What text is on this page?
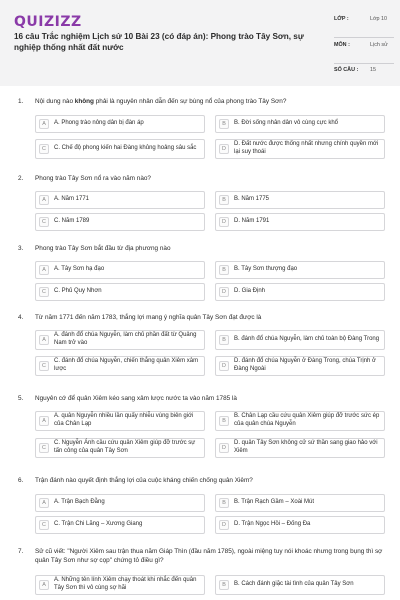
QUIZIZZ
16 câu Trắc nghiệm Lịch sử 10 Bài 23 (có đáp án): Phong trào Tây Sơn, sự nghiệp thống nhất đất nước
LỚP :	Lớp 10
MÔN :	Lịch sử
SỐ CÂU : 15
1.	Nội dung nào không phải là nguyên nhân dẫn đến sự bùng nổ của phong trào Tây Sơn?
A	A. Phong trào nông dân bị đàn áp	B	B. Đời sống nhân dân vô cùng cực khổ
C	C. Chế độ phong kiến hai Đàng khủng hoảng sâu sắc	D
D. Đất nước được thống nhất nhưng chính quyền mới lại suy thoái
2.	Phong trào Tây Sơn nổ ra vào năm nào?
A	A. Năm 1771	B	B. Năm 1775
C	C. Năm 1789	D	D. Năm 1791
3.	Phong trào Tây Sơn bắt đầu từ địa phương nào
A	A. Tây Sơn hạ đạo	B	B. Tây Sơn thượng đạo
C	C. Phủ Quy Nhơn	D	D. Gia Định
4.	Từ năm 1771 đến năm 1783, thắng lợi mang ý nghĩa quân Tây Sơn đạt được là
A
A. đánh đổ chúa Nguyễn, làm chủ phần đất từ Quảng Nam trở vào	B	B. đánh đổ chúa Nguyễn, làm chủ toàn bộ Đàng Trong
C
C. đánh đổ chúa Nguyễn, chiến thắng quân Xiêm xâm lược	D
D. đánh đổ chúa Nguyễn ở Đàng Trong, chúa Trịnh ở Đàng Ngoài
5.	Nguyên cớ để quân Xiêm kéo sang xâm lược nước ta vào năm 1785 là
A
A. quân Nguyễn nhiều lần quấy nhiễu vùng biên giới của Chân Lạp	B
B. Chân Lạp cầu cứu quân Xiêm giúp đỡ trước sức ép của quân chúa Nguyễn
C
C. Nguyễn Ánh cầu cứu quân Xiêm giúp đỡ trước sự tấn công của quân Tây Sơn	D
D. quân Tây Sơn không cử sứ thần sang giao hảo với Xiêm
6.	Trận đánh nào quyết định thắng lợi của cuộc kháng chiến chống quân Xiêm?
A	A. Trận Bạch Đằng	B	B. Trận Rạch Gầm – Xoài Mút
C	C. Trận Chi Lăng – Xương Giang	D	D. Trận Ngọc Hồi – Đống Đa
7.	Sử cũ viết: "Người Xiêm sau trận thua năm Giáp Thìn (đầu năm 1785), ngoài miệng tuy nói khoác nhưng trong bụng thì sợ quân Tây Sơn như sợ cọp" chứng tỏ điều gì?
A
A. Những tên lính Xiêm chạy thoát khi nhắc đến quân Tây Sơn thì vô cùng sợ hãi	B	B. Cách đánh giặc tài tình của quân Tây Sơn
